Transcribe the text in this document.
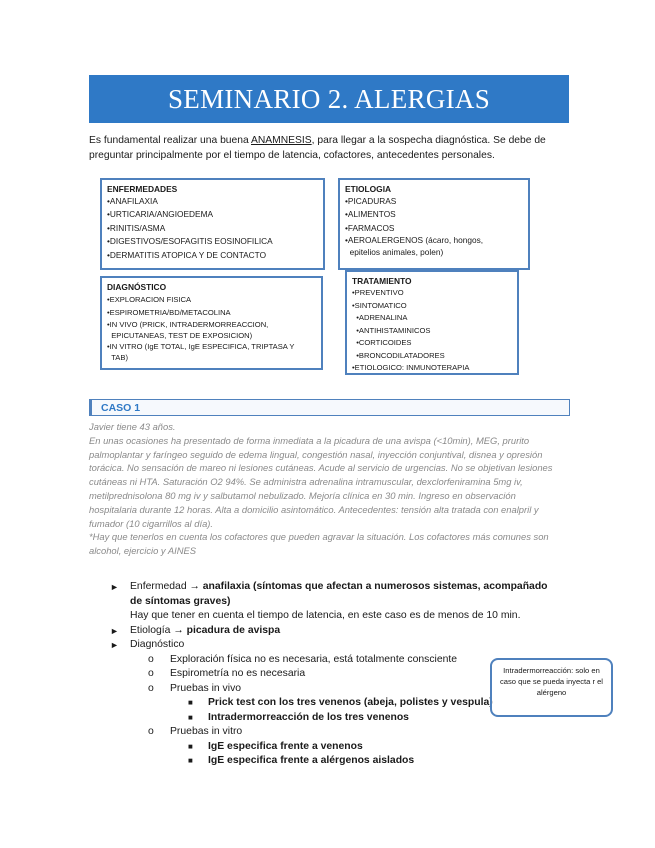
SEMINARIO 2. ALERGIAS
Es fundamental realizar una buena ANAMNESIS, para llegar a la sospecha diagnóstica. Se debe de preguntar principalmente por el tiempo de latencia, cofactores, antecedentes personales.
ENFERMEDADES
•ANAFILAXIA
•URTICARIA/ANGIOEDEMA
•RINITIS/ASMA
•DIGESTIVOS/ESOFAGITIS EOSINOFILICA
•DERMATITIS ATOPICA Y DE CONTACTO
ETIOLOGIA
•PICADURAS
•ALIMENTOS
•FARMACOS
•AEROALERGENOS (ácaro, hongos,
epitelios animales, polen)
DIAGNÓSTICO
•EXPLORACION FISICA
•ESPIROMETRIA/BD/METACOLINA
•IN VIVO (PRICK, INTRADERMORREACCION,
EPICUTANEAS, TEST DE EXPOSICION)
•IN VITRO (IgE TOTAL, IgE ESPECIFICA, TRIPTASA Y
TAB)
TRATAMIENTO
•PREVENTIVO
•SINTOMATICO
•ADRENALINA
•ANTIHISTAMINICOS
•CORTICOIDES
•BRONCODILATADORES
•ETIOLOGICO: INMUNOTERAPIA
CASO 1

Javier tiene 43 años.

En unas ocasiones ha presentado de forma inmediata a la picadura de una avispa (<10min), MEG, prurito palmoplantar y faríngeo seguido de edema lingual, congestión nasal, inyección conjuntival, disnea y opresión torácica. No sensación de mareo ni lesiones cutáneas. Acude al servicio de urgencias. No se objetivan lesiones cutáneas ni HTA. Saturación O2 94%. Se administra adrenalina intramuscular, dexclorfeniramina 5mg iv, metilprednisolona 80 mg iv y salbutamol nebulizado. Mejoría clínica en 30 min. Ingreso en observación hospitalaria durante 12 horas. Alta a domicilio asintomático. Antecedentes: tensión alta tratada con enalpril y fumador (10 cigarrillos al día).

*Hay que tenerlos en cuenta los cofactores que pueden agravar la situación. Los cofactores más comunes son alcohol, ejercicio y AINES

► Enfermedad → anafilaxia (síntomas que afectan a numerosos sistemas, acompañado de síntomas graves)
Hay que tener en cuenta el tiempo de latencia, en este caso es de menos de 10 min.
► Etiología → picadura de avispa
► Diagnóstico
o Exploración física no es necesaria, está totalmente consciente
o Espirometría no es necesaria
o Pruebas in vivo
■ Prick test con los tres venenos (abeja, polistes y vespula)
■ Intradermorreacción de los tres venenos
o Pruebas in vitro
■ IgE especifica frente a venenos
■ IgE especifica frente a alérgenos aislados
Intradermorreacción: solo en caso que se pueda inyecta r el alérgeno
